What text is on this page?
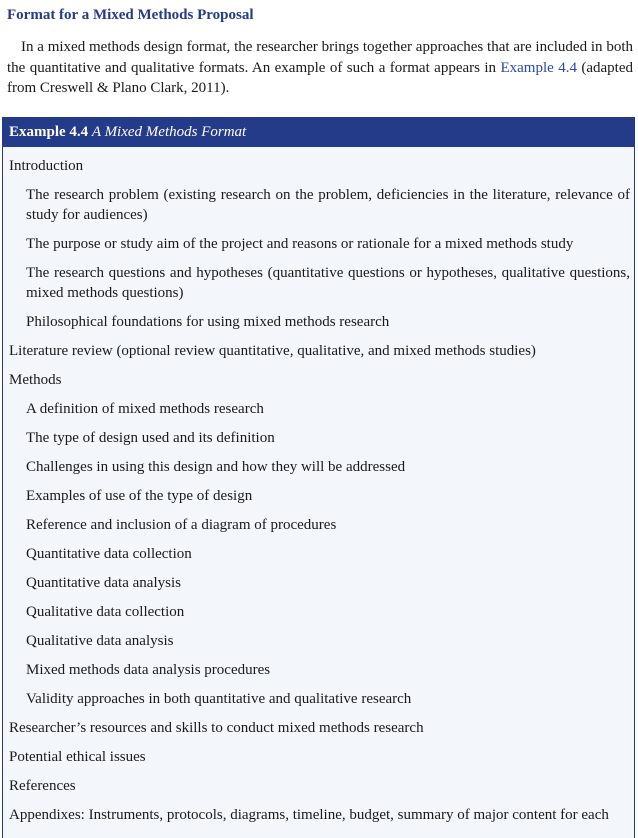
Format for a Mixed Methods Proposal

In a mixed methods design format, the researcher brings together approaches that are included in both the quantitative and qualitative formats. An example of such a format appears in Example 4.4 (adapted from Creswell & Plano Clark, 2011).

Example 4.4 A Mixed Methods Format
Introduction
The research problem (existing research on the problem, deficiencies in the literature, relevance of study for audiences)
The purpose or study aim of the project and reasons or rationale for a mixed methods study
The research questions and hypotheses (quantitative questions or hypotheses, qualitative questions, mixed methods questions)
Philosophical foundations for using mixed methods research
Literature review (optional review quantitative, qualitative, and mixed methods studies)
Methods
A definition of mixed methods research
The type of design used and its definition
Challenges in using this design and how they will be addressed
Examples of use of the type of design
Reference and inclusion of a diagram of procedures
Quantitative data collection
Quantitative data analysis
Qualitative data collection
Qualitative data analysis
Mixed methods data analysis procedures
Validity approaches in both quantitative and qualitative research
Researcher’s resources and skills to conduct mixed methods research
Potential ethical issues
References
Appendixes: Instruments, protocols, diagrams, timeline, budget, summary of major content for each
